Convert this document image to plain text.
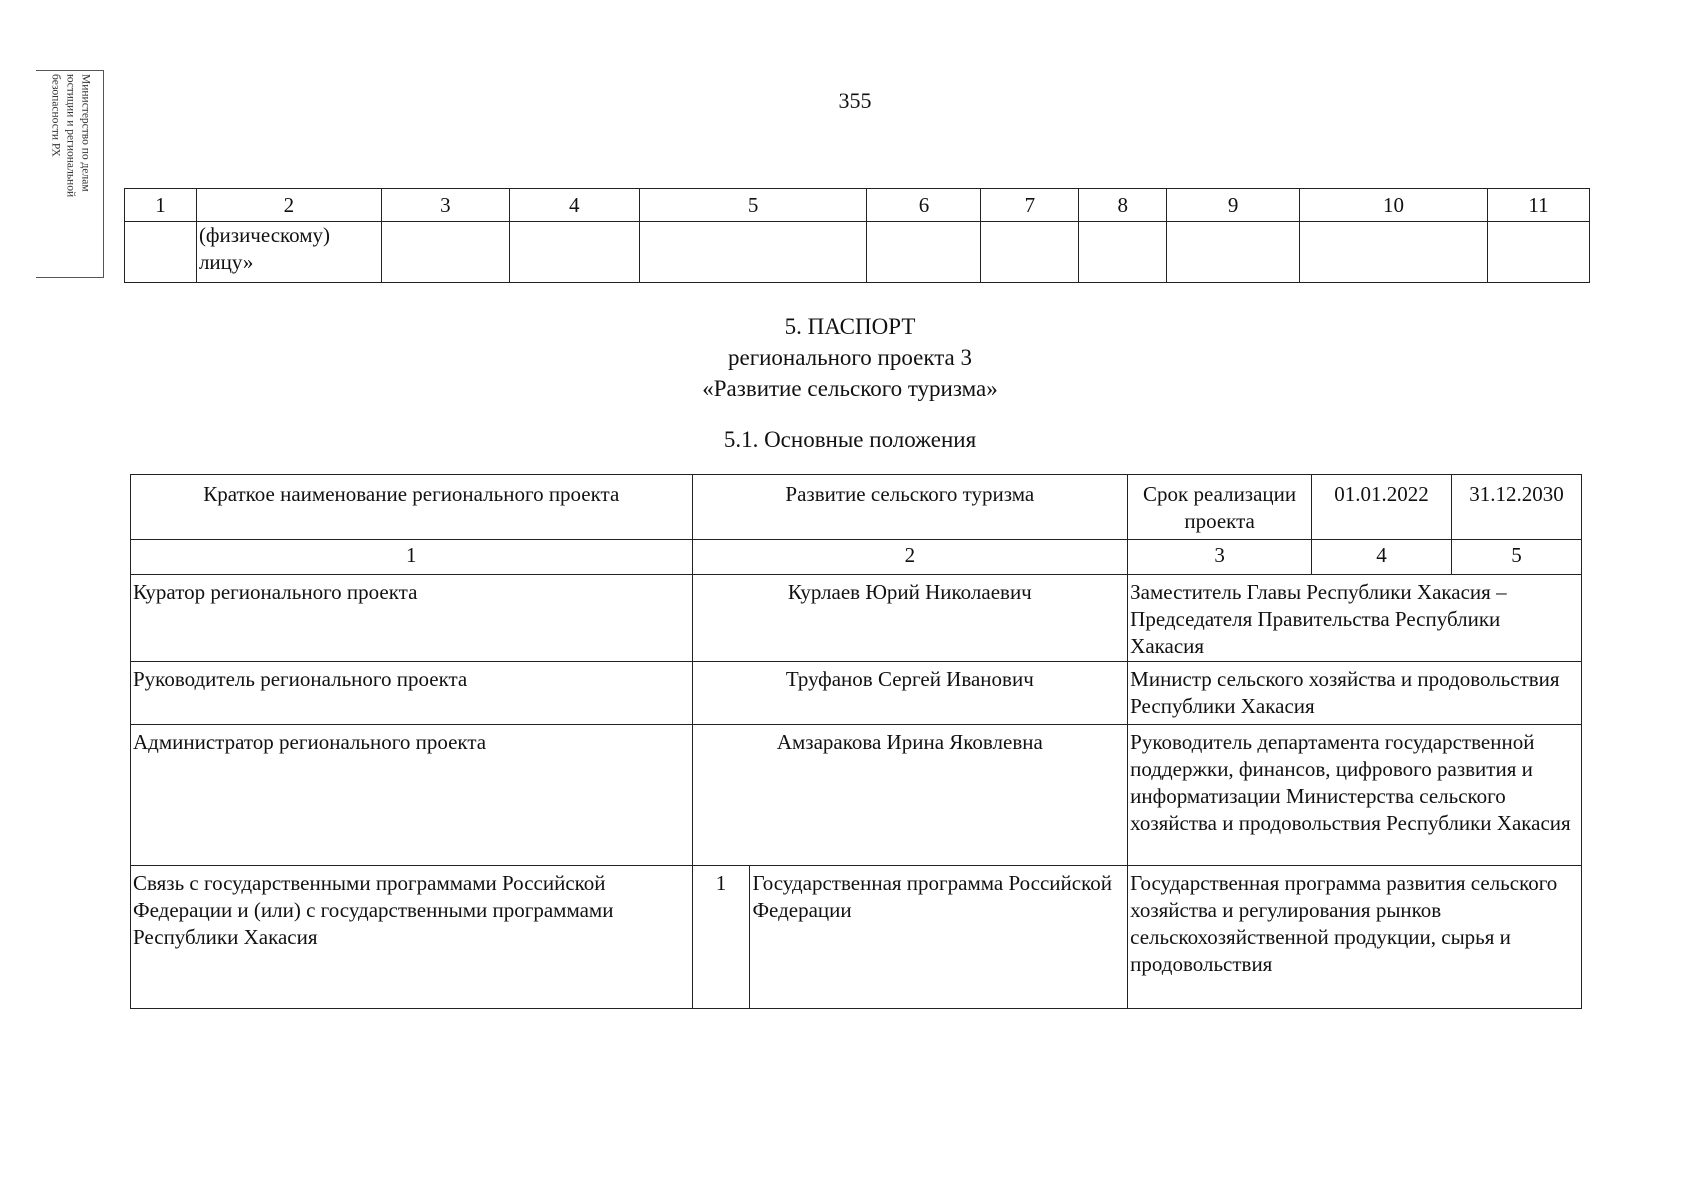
Министерство по делам
юстиции и региональной
безопасности РХ	355
1	2	3	4	5	6	7	8	9	10	11
	(физическому) лицу»									
5. ПАСПОРТ
регионального проекта 3
«Развитие сельского туризма»
5.1. Основные положения
Краткое наименование регионального проекта	Развитие сельского туризма		Срок реализации проекта	01.01.2022	31.12.2030
1	2		3	4	5
Куратор регионального проекта	Курлаев Юрий Николаевич		Заместитель Главы Республики Хакасия – Председателя Правительства Республики Хакасия		
Руководитель регионального проекта	Труфанов Сергей Иванович		Министр сельского хозяйства и продовольствия Республики Хакасия		
Администратор регионального проекта	Амзаракова Ирина Яковлевна		Руководитель департамента государственной поддержки, финансов, цифрового развития и информатизации Министерства сельского хозяйства и продовольствия Республики Хакасия		
Связь с государственными программами Российской Федерации и (или) с государственными программами Республики Хакасия	1	Государственная программа Российской Федерации	Государственная программа развития сельского хозяйства и регулирования рынков сельскохозяйственной продукции, сырья и продовольствия		
